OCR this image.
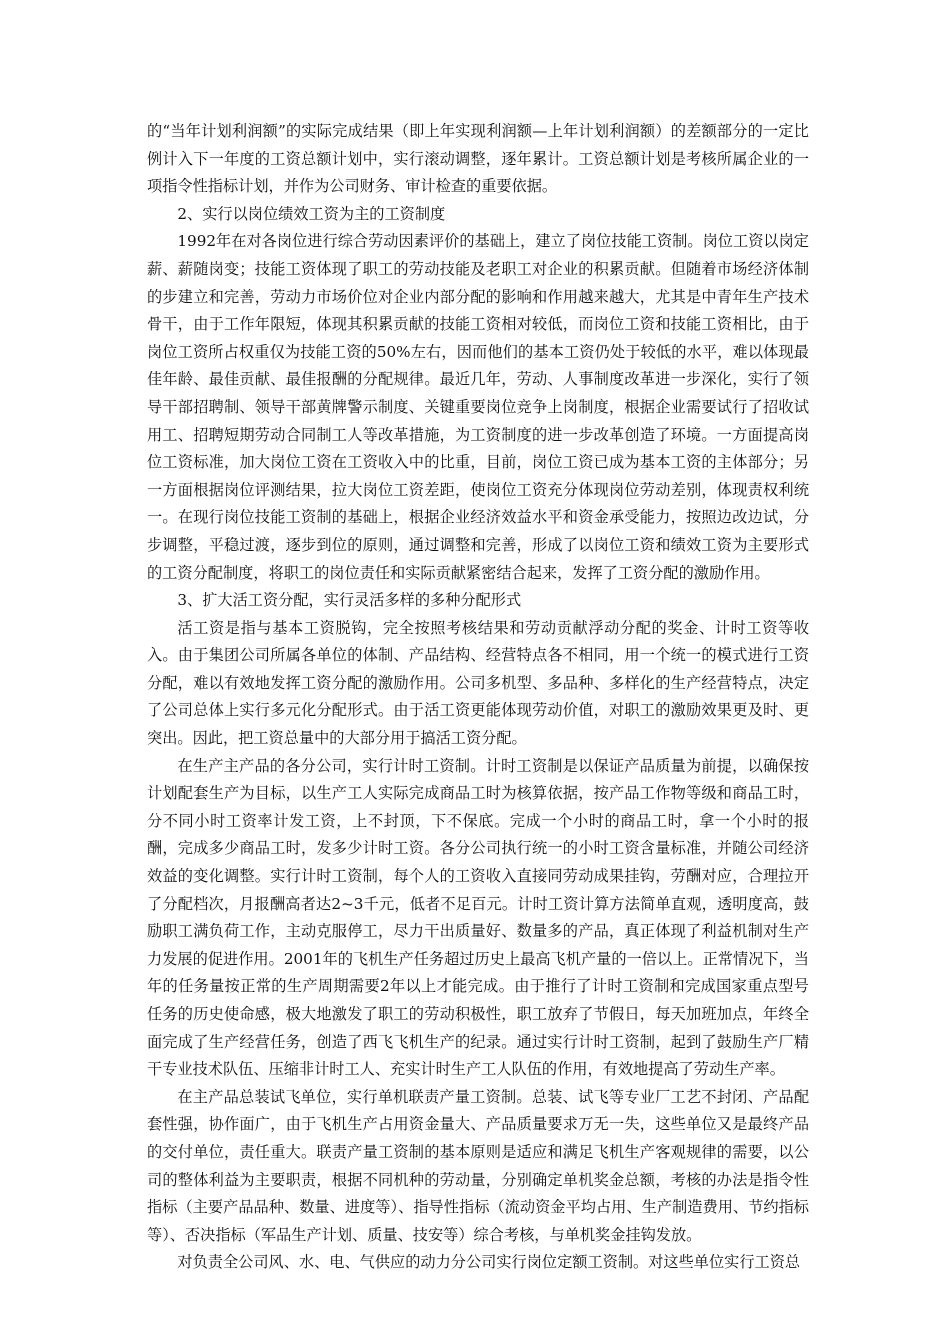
的“当年计划利润额”的实际完成结果（即上年实现利润额—上年计划利润额）的差额部分的一定比例计入下一年度的工资总额计划中，实行滚动调整，逐年累计。工资总额计划是考核所属企业的一项指令性指标计划，并作为公司财务、审计检查的重要依据。

2、实行以岗位绩效工资为主的工资制度

1992年在对各岗位进行综合劳动因素评价的基础上，建立了岗位技能工资制。岗位工资以岗定薪、薪随岗变；技能工资体现了职工的劳动技能及老职工对企业的积累贡献。但随着市场经济体制的步建立和完善，劳动力市场价位对企业内部分配的影响和作用越来越大，尤其是中青年生产技术骨干，由于工作年限短，体现其积累贡献的技能工资相对较低，而岗位工资和技能工资相比，由于岗位工资所占权重仅为技能工资的50%左右，因而他们的基本工资仍处于较低的水平，难以体现最佳年龄、最佳贡献、最佳报酬的分配规律。最近几年，劳动、人事制度改革进一步深化，实行了领导干部招聘制、领导干部黄牌警示制度、关键重要岗位竞争上岗制度，根据企业需要试行了招收试用工、招聘短期劳动合同制工人等改革措施，为工资制度的进一步改革创造了环境。一方面提高岗位工资标准，加大岗位工资在工资收入中的比重，目前，岗位工资已成为基本工资的主体部分；另一方面根据岗位评测结果，拉大岗位工资差距，使岗位工资充分体现岗位劳动差别，体现责权利统一。在现行岗位技能工资制的基础上，根据企业经济效益水平和资金承受能力，按照边改边试，分步调整，平稳过渡，逐步到位的原则，通过调整和完善，形成了以岗位工资和绩效工资为主要形式的工资分配制度，将职工的岗位责任和实际贡献紧密结合起来，发挥了工资分配的激励作用。

3、扩大活工资分配，实行灵活多样的多种分配形式

活工资是指与基本工资脱钩，完全按照考核结果和劳动贡献浮动分配的奖金、计时工资等收入。由于集团公司所属各单位的体制、产品结构、经营特点各不相同，用一个统一的模式进行工资分配，难以有效地发挥工资分配的激励作用。公司多机型、多品种、多样化的生产经营特点，决定了公司总体上实行多元化分配形式。由于活工资更能体现劳动价值，对职工的激励效果更及时、更突出。因此，把工资总量中的大部分用于搞活工资分配。

在生产主产品的各分公司，实行计时工资制。计时工资制是以保证产品质量为前提，以确保按计划配套生产为目标，以生产工人实际完成商品工时为核算依据，按产品工作物等级和商品工时，分不同小时工资率计发工资，上不封顶，下不保底。完成一个小时的商品工时，拿一个小时的报酬，完成多少商品工时，发多少计时工资。各分公司执行统一的小时工资含量标准，并随公司经济效益的变化调整。实行计时工资制，每个人的工资收入直接同劳动成果挂钩，劳酬对应，合理拉开了分配档次，月报酬高者达2~3千元，低者不足百元。计时工资计算方法简单直观，透明度高，鼓励职工满负荷工作，主动克服停工，尽力干出质量好、数量多的产品，真正体现了利益机制对生产力发展的促进作用。2001年的飞机生产任务超过历史上最高飞机产量的一倍以上。正常情况下，当年的任务量按正常的生产周期需要2年以上才能完成。由于推行了计时工资制和完成国家重点型号任务的历史使命感，极大地激发了职工的劳动积极性，职工放弃了节假日，每天加班加点，年终全面完成了生产经营任务，创造了西飞飞机生产的纪录。通过实行计时工资制，起到了鼓励生产厂精干专业技术队伍、压缩非计时工人、充实计时生产工人队伍的作用，有效地提高了劳动生产率。

在主产品总装试飞单位，实行单机联责产量工资制。总装、试飞等专业厂工艺不封闭、产品配套性强，协作面广，由于飞机生产占用资金量大、产品质量要求万无一失，这些单位又是最终产品的交付单位，责任重大。联责产量工资制的基本原则是适应和满足飞机生产客观规律的需要，以公司的整体利益为主要职责，根据不同机种的劳动量，分别确定单机奖金总额，考核的办法是指令性指标（主要产品品种、数量、进度等）、指导性指标（流动资金平均占用、生产制造费用、节约指标等）、否决指标（军品生产计划、质量、技安等）综合考核，与单机奖金挂钩发放。

对负责全公司风、水、电、气供应的动力分公司实行岗位定额工资制。对这些单位实行工资总
